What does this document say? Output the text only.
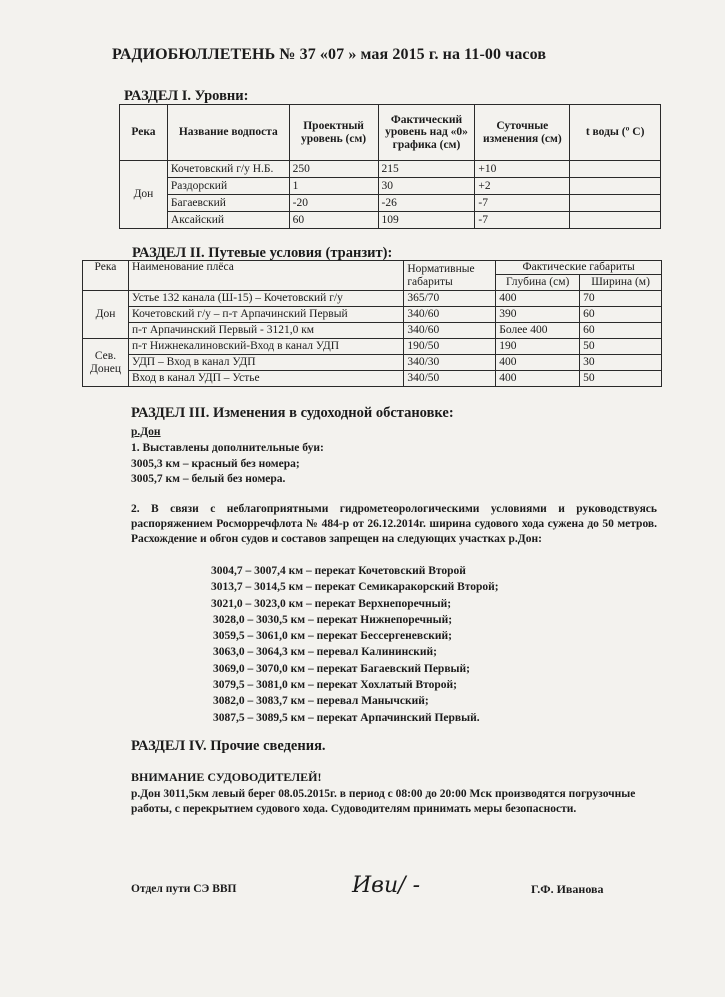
РАДИОБЮЛЛЕТЕНЬ № 37 «07 » мая 2015 г. на 11-00 часов
РАЗДЕЛ I. Уровни:
Река	Название водпоста	Проектный уровень (см)	Фактический уровень над «0» графика (см)	Суточные изменения (см)	t воды (º С)
Дон	Кочетовский г/у Н.Б.	250	215	+10	
	Раздорский	1	30	+2	
	Багаевский	-20	-26	-7	
	Аксайский	60	109	-7	
РАЗДЕЛ II. Путевые условия (транзит):
Река	Наименование плёса	Нормативные габариты	Фактические габариты	
			Глубина (см)	Ширина (м)
Дон	Устье 132 канала (Ш-15) – Кочетовский г/у	365/70	400	70
	Кочетовский г/у – п-т Арпачинский Первый	340/60	390	60
	п-т Арпачинский Первый - 3121,0 км	340/60	Более 400	60
Сев. Донец	п-т Нижнекалиновский-Вход в канал УДП	190/50	190	50
	УДП – Вход в канал УДП	340/30	400	30
	Вход в канал УДП – Устье	340/50	400	50
РАЗДЕЛ III. Изменения в судоходной обстановке:
р.Дон
1. Выставлены дополнительные буи:
3005,3 км – красный без номера;
3005,7 км – белый без номера.
2. В связи с неблагоприятными гидрометеорологическими условиями и руководствуясь распоряжением Росморречфлота № 484-р от 26.12.2014г. ширина судового хода сужена до 50 метров. Расхождение и обгон судов и составов запрещен на следующих участках р.Дон:
3004,7 – 3007,4 км – перекат Кочетовский Второй
3013,7 – 3014,5 км – перекат Семикаракорский Второй;
3021,0 – 3023,0 км – перекат Верхнепоречный;
3028,0 – 3030,5 км – перекат Нижнепоречный;
3059,5 – 3061,0 км – перекат Бессергеневский;
3063,0 – 3064,3 км – перевал Калининский;
3069,0 – 3070,0 км – перекат Багаевский Первый;
3079,5 – 3081,0 км – перекат Хохлатый Второй;
3082,0 – 3083,7 км – перевал Манычский;
3087,5 – 3089,5 км – перекат Арпачинский Первый.
РАЗДЕЛ IV. Прочие сведения.
ВНИМАНИЕ СУДОВОДИТЕЛЕЙ!
р.Дон 3011,5км левый берег 08.05.2015г. в период с 08:00 до 20:00 Мск производятся погрузочные работы, с перекрытием судового хода. Судоводителям принимать меры безопасности.
Отдел пути СЭ ВВП	Иви/ -	Г.Ф. Иванова
